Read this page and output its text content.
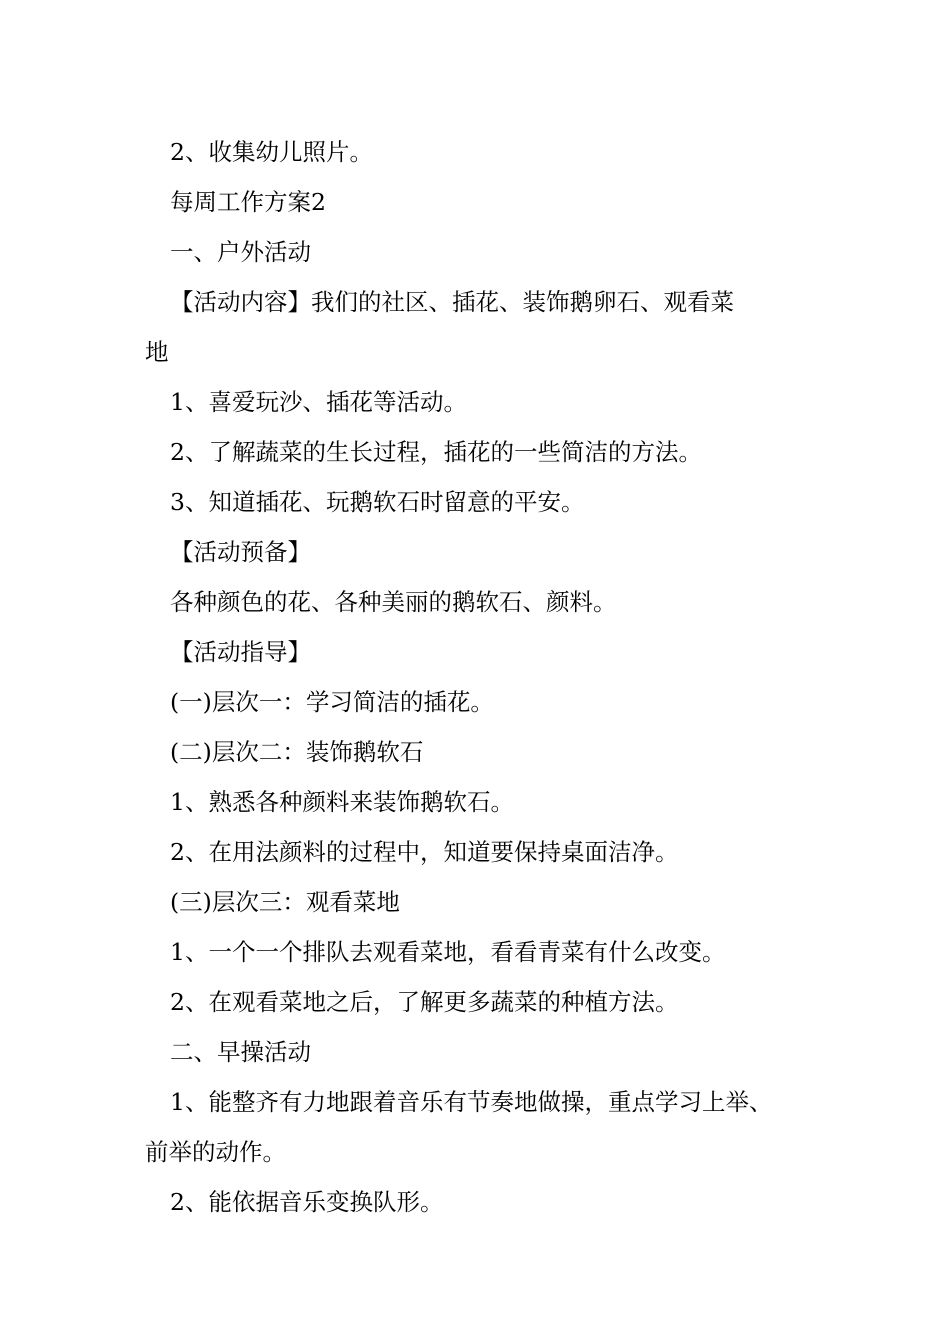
2、收集幼儿照片。
每周工作方案2
一、户外活动
【活动内容】我们的社区、插花、装饰鹅卵石、观看菜
地
1、喜爱玩沙、插花等活动。
2、了解蔬菜的生长过程，插花的一些简洁的方法。
3、知道插花、玩鹅软石时留意的平安。
【活动预备】
各种颜色的花、各种美丽的鹅软石、颜料。
【活动指导】
(一)层次一：学习简洁的插花。
(二)层次二：装饰鹅软石
1、熟悉各种颜料来装饰鹅软石。
2、在用法颜料的过程中，知道要保持桌面洁净。
(三)层次三：观看菜地
1、一个一个排队去观看菜地，看看青菜有什么改变。
2、在观看菜地之后，了解更多蔬菜的种植方法。
二、早操活动
1、能整齐有力地跟着音乐有节奏地做操，重点学习上举、
前举的动作。
2、能依据音乐变换队形。
